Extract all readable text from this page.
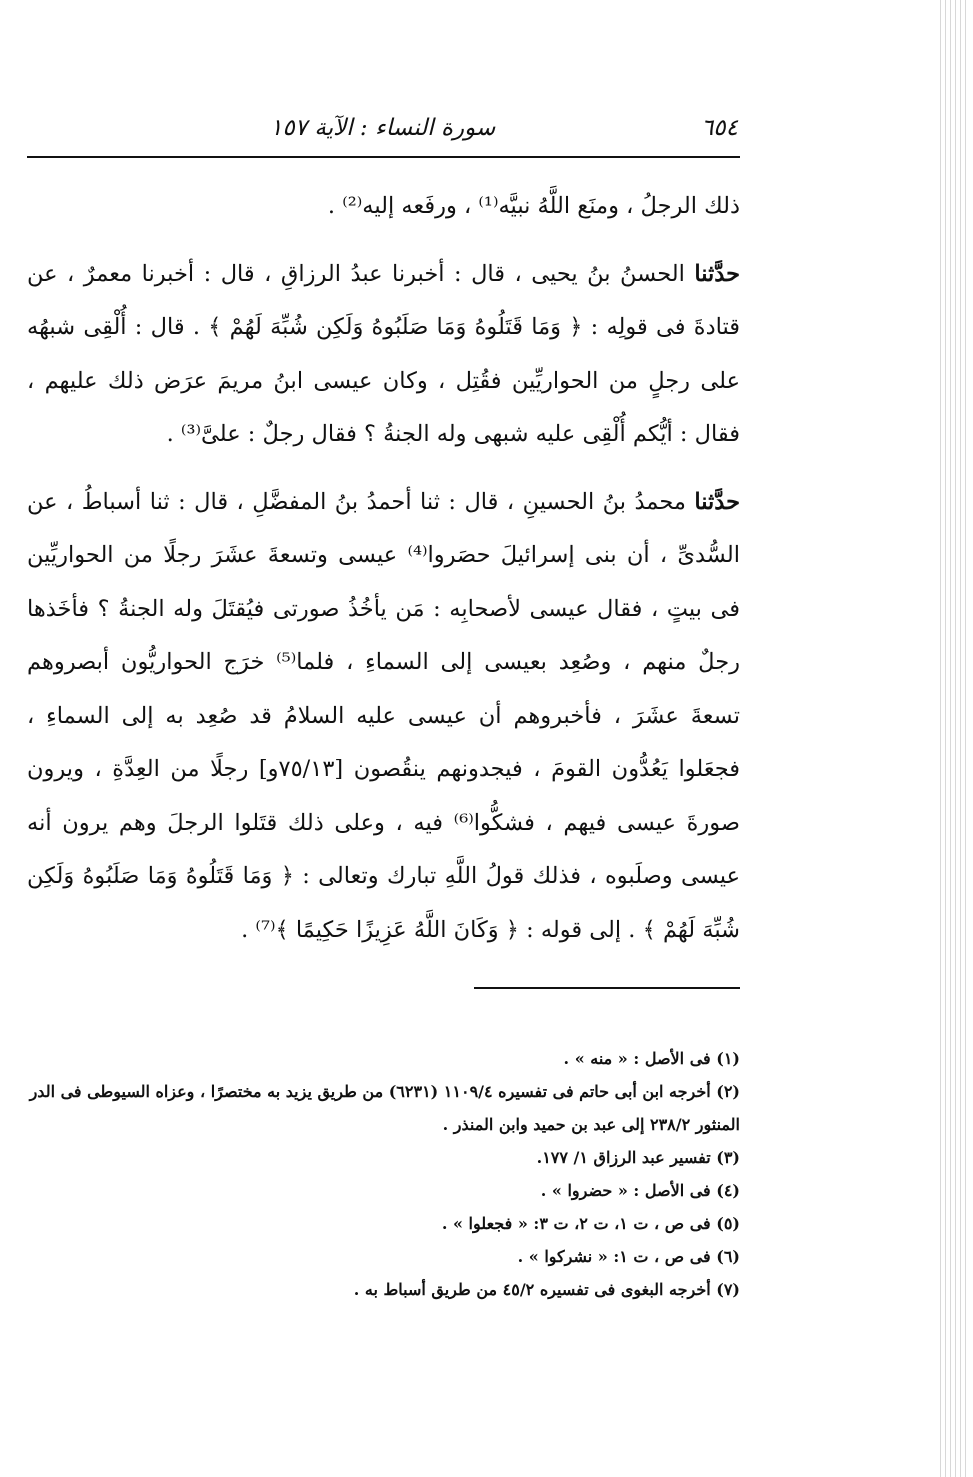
٦٥٤
سورة النساء : الآية ١٥٧

ذلك الرجلُ ، ومنَع اللَّهُ نبيَّه⁽¹⁾ ، ورفَعه إليه⁽²⁾ .

حدَّثنا الحسنُ بنُ يحيى ، قال : أخبرنا عبدُ الرزاقِ ، قال : أخبرنا معمرٌ ، عن قتادةَ فى قولِه : ﴿ وَمَا قَتَلُوهُ وَمَا صَلَبُوهُ وَلَكِن شُبِّهَ لَهُمْ ﴾ . قال : أُلْقِى شبهُه على رجلٍ من الحواريِّين فقُتِل ، وكان عيسى ابنُ مريمَ عرَض ذلك عليهم ، فقال : أيُّكم أُلْقِى عليه شبهى وله الجنةُ ؟ فقال رجلٌ : علىَّ⁽³⁾ .

حدَّثنا محمدُ بنُ الحسينِ ، قال : ثنا أحمدُ بنُ المفضَّلِ ، قال : ثنا أسباطُ ، عن السُّدىِّ ، أن بنى إسرائيلَ حصَروا⁽⁴⁾ عيسى وتسعةَ عشَرَ رجلًا من الحواريِّين فى بيتٍ ، فقال عيسى لأصحابِه : مَن يأخُذُ صورتى فيُقتَلَ وله الجنةُ ؟ فأخَذها رجلٌ منهم ، وصُعِد بعيسى إلى السماءِ ، فلما⁽⁵⁾ خرَج الحواريُّون أبصروهم تسعةَ عشَرَ ، فأخبروهم أن عيسى عليه السلامُ قد صُعِد به إلى السماءِ ، فجعَلوا يَعُدُّون القومَ ، فيجدونهم ينقُصون [٧٥/١٣و] رجلًا من العِدَّةِ ، ويرون صورةَ عيسى فيهم ، فشكُّوا⁽⁶⁾ فيه ، وعلى ذلك قتَلوا الرجلَ وهم يرون أنه عيسى وصلَبوه ، فذلك قولُ اللَّهِ تبارك وتعالى : ﴿ وَمَا قَتَلُوهُ وَمَا صَلَبُوهُ وَلَكِن شُبِّهَ لَهُمْ ﴾ . إلى قوله : ﴿ وَكَانَ اللَّهُ عَزِيزًا حَكِيمًا ﴾⁽⁷⁾ .

(١) فى الأصل : « منه » .

(٢) أخرجه ابن أبى حاتم فى تفسيره ١١٠٩/٤ (٦٢٣١) من طريق يزيد به مختصرًا ، وعزاه السيوطى فى الدر المنثور ٢٣٨/٢ إلى عبد بن حميد وابن المنذر .

(٣) تفسير عبد الرزاق ١/ ١٧٧.

(٤) فى الأصل : « حضروا » .

(٥) فى ص ، ت ١، ت ٢، ت ٣: « فجعلوا » .

(٦) فى ص ، ت ١: « نشركوا » .

(٧) أخرجه البغوى فى تفسيره ٤٥/٢ من طريق أسباط به .
